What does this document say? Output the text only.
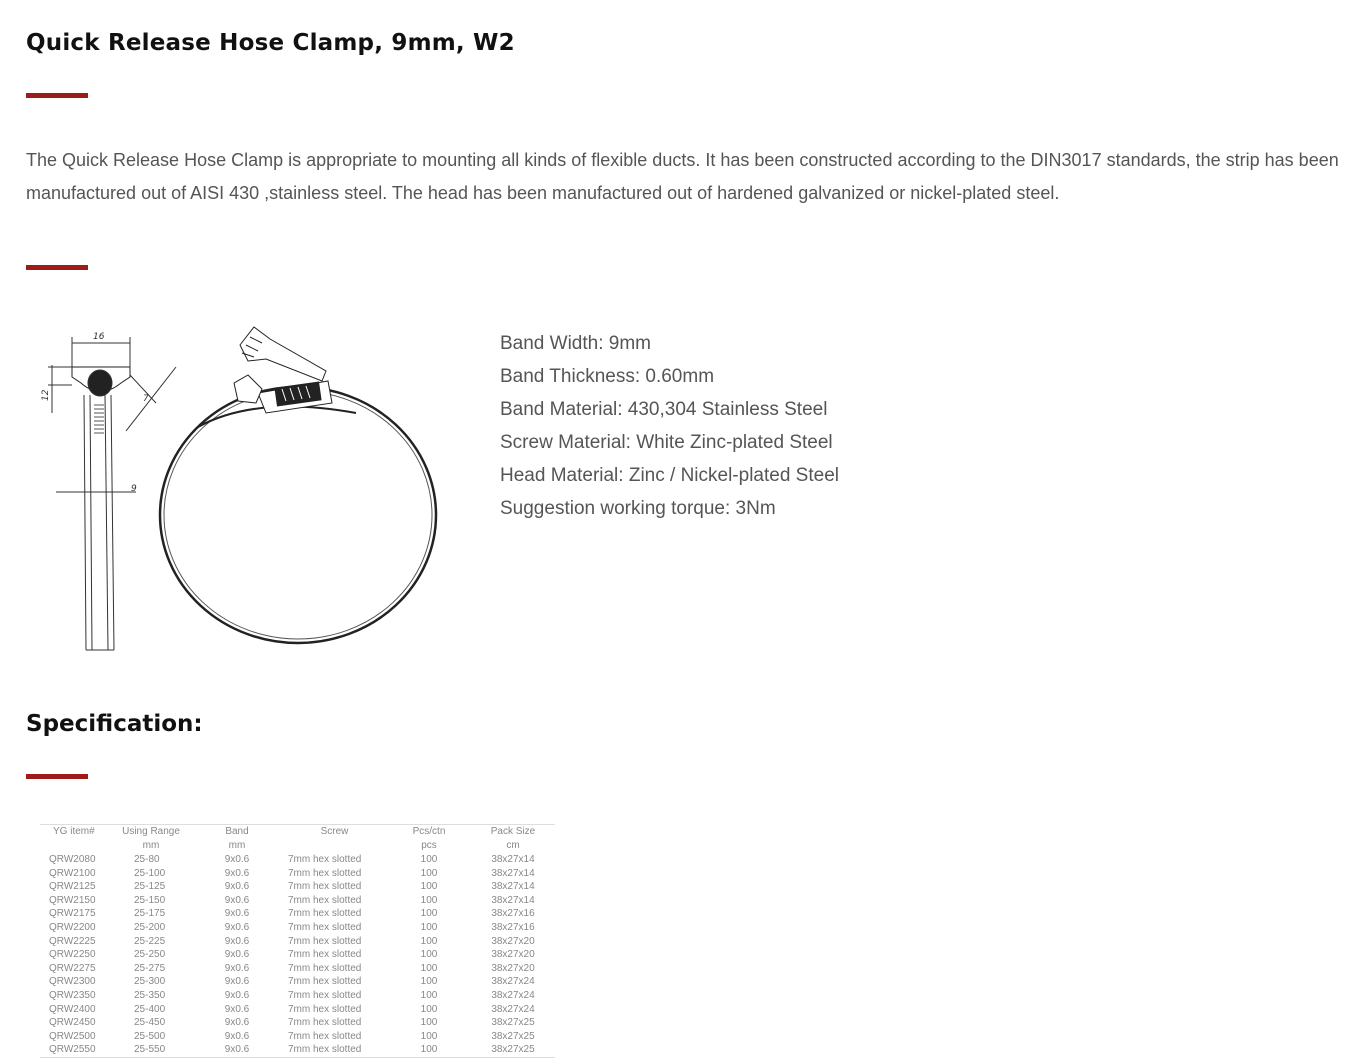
Quick Release Hose Clamp, 9mm, W2

The Quick Release Hose Clamp is appropriate to mounting all kinds of flexible ducts. It has been constructed according to the DIN3017 standards, the strip has been manufactured out of AISI 430 ,stainless steel. The head has been manufactured out of hardened galvanized or nickel-plated steel.

16
12
9
7
Band Width: 9mm
Band Thickness: 0.60mm
Band Material: 430,304 Stainless Steel
Screw Material: White Zinc-plated Steel
Head Material: Zinc / Nickel-plated Steel
Suggestion working torque: 3Nm
Specification:
YG item#	Using Range	Band	Screw	Pcs/ctn	Pack Size
	mm	mm		pcs	cm
QRW2080	25-80	9x0.6	7mm hex slotted	100	38x27x14
QRW2100	25-100	9x0.6	7mm hex slotted	100	38x27x14
QRW2125	25-125	9x0.6	7mm hex slotted	100	38x27x14
QRW2150	25-150	9x0.6	7mm hex slotted	100	38x27x14
QRW2175	25-175	9x0.6	7mm hex slotted	100	38x27x16
QRW2200	25-200	9x0.6	7mm hex slotted	100	38x27x16
QRW2225	25-225	9x0.6	7mm hex slotted	100	38x27x20
QRW2250	25-250	9x0.6	7mm hex slotted	100	38x27x20
QRW2275	25-275	9x0.6	7mm hex slotted	100	38x27x20
QRW2300	25-300	9x0.6	7mm hex slotted	100	38x27x24
QRW2350	25-350	9x0.6	7mm hex slotted	100	38x27x24
QRW2400	25-400	9x0.6	7mm hex slotted	100	38x27x24
QRW2450	25-450	9x0.6	7mm hex slotted	100	38x27x25
QRW2500	25-500	9x0.6	7mm hex slotted	100	38x27x25
QRW2550	25-550	9x0.6	7mm hex slotted	100	38x27x25
